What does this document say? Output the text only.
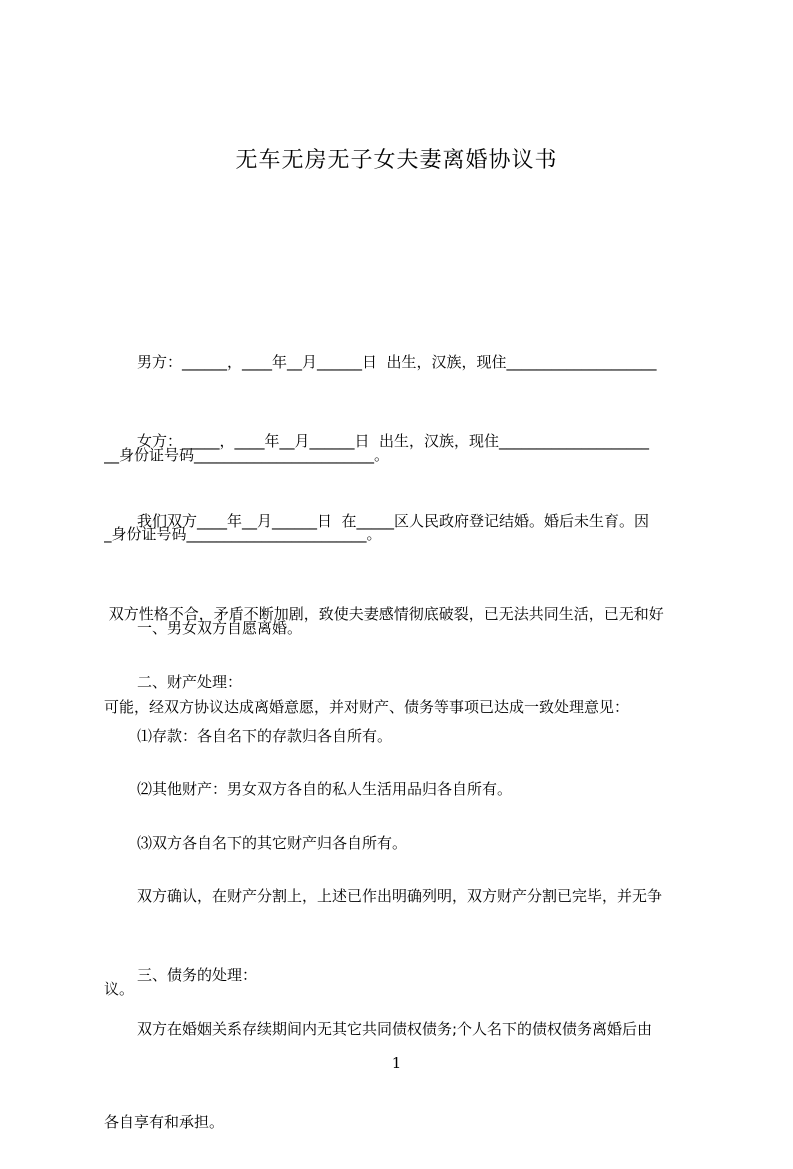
无车无房无子女夫妻离婚协议书

男方：______，____年__月______日  出生，汉族，现住____________________

__身份证号码________________________。

女方：_____，____年__月______日  出生，汉族，现住____________________

_身份证号码________________________。

我们双方____年__月______日  在_____区人民政府登记结婚。婚后未生育。因

双方性格不合，矛盾不断加剧，致使夫妻感情彻底破裂，已无法共同生活，已无和好

可能，经双方协议达成离婚意愿，并对财产、债务等事项已达成一致处理意见：

一、男女双方自愿离婚。

二、财产处理：

⑴存款：各自名下的存款归各自所有。

⑵其他财产：男女双方各自的私人生活用品归各自所有。

⑶双方各自名下的其它财产归各自所有。

双方确认，在财产分割上，上述已作出明确列明，双方财产分割已完毕，并无争

议。

三、债务的处理：

双方在婚姻关系存续期间内无其它共同债权债务;个人名下的债权债务离婚后由

各自享有和承担。

1
